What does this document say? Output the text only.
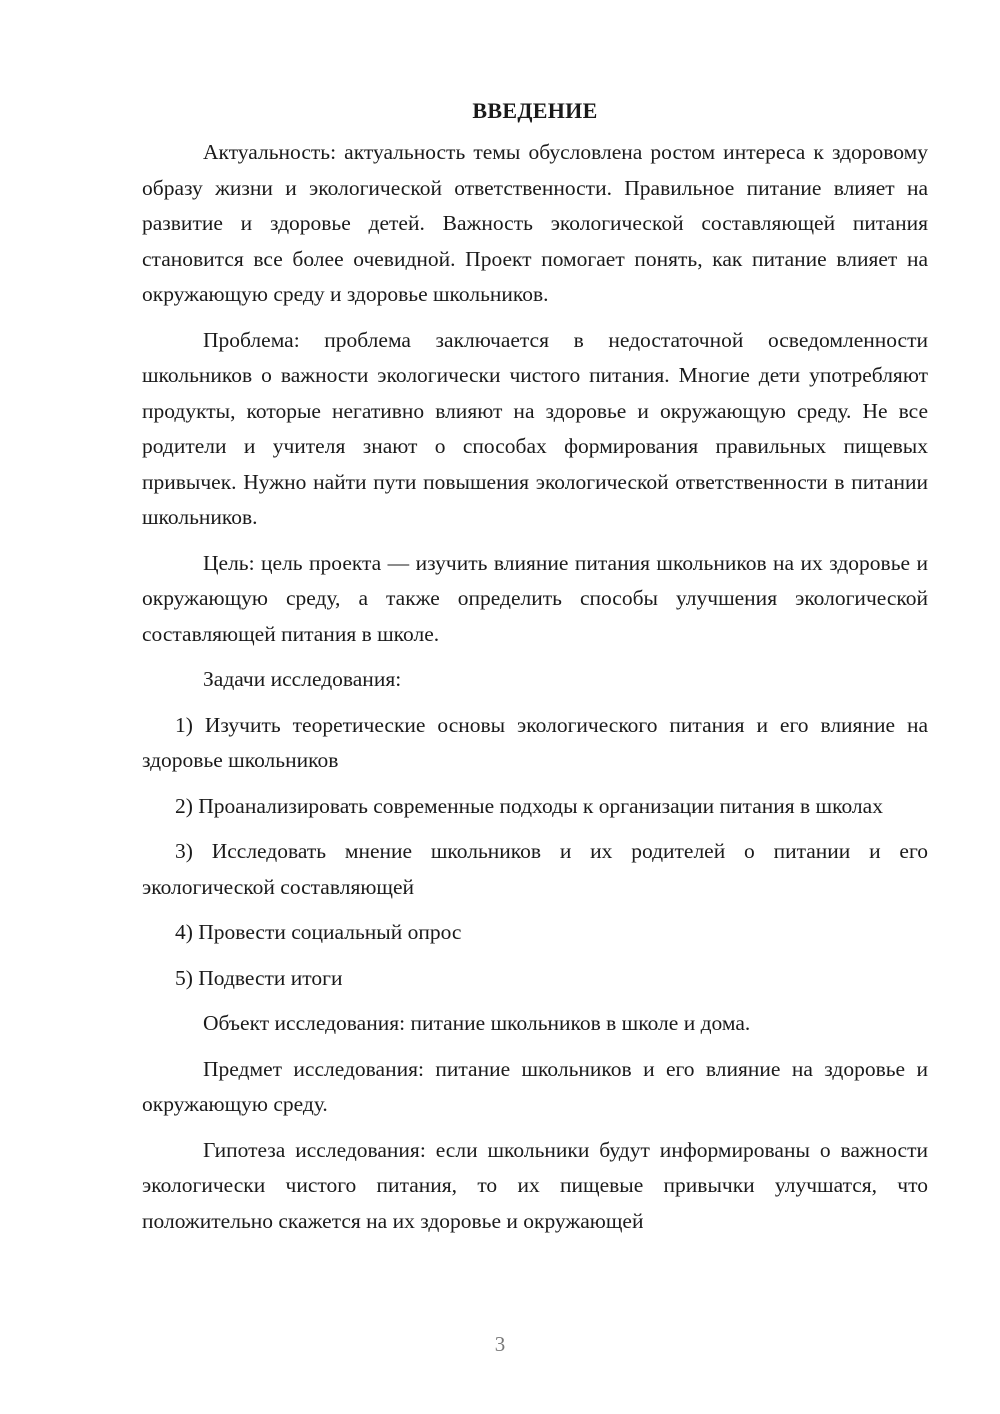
ВВЕДЕНИЕ

Актуальность: актуальность темы обусловлена ростом интереса к здоровому образу жизни и экологической ответственности. Правильное питание влияет на развитие и здоровье детей. Важность экологической составляющей питания становится все более очевидной. Проект помогает понять, как питание влияет на окружающую среду и здоровье школьников.

Проблема: проблема заключается в недостаточной осведомленности школьников о важности экологически чистого питания. Многие дети употребляют продукты, которые негативно влияют на здоровье и окружающую среду. Не все родители и учителя знают о способах формирования правильных пищевых привычек. Нужно найти пути повышения экологической ответственности в питании школьников.

Цель: цель проекта — изучить влияние питания школьников на их здоровье и окружающую среду, а также определить способы улучшения экологической составляющей питания в школе.

Задачи исследования:

1) Изучить теоретические основы экологического питания и его влияние на здоровье школьников

2) Проанализировать современные подходы к организации питания в школах

3) Исследовать мнение школьников и их родителей о питании и его экологической составляющей

4) Провести социальный опрос

5) Подвести итоги

Объект исследования: питание школьников в школе и дома.

Предмет исследования: питание школьников и его влияние на здоровье и окружающую среду.

Гипотеза исследования: если школьники будут информированы о важности экологически чистого питания, то их пищевые привычки улучшатся, что положительно скажется на их здоровье и окружающей

3
